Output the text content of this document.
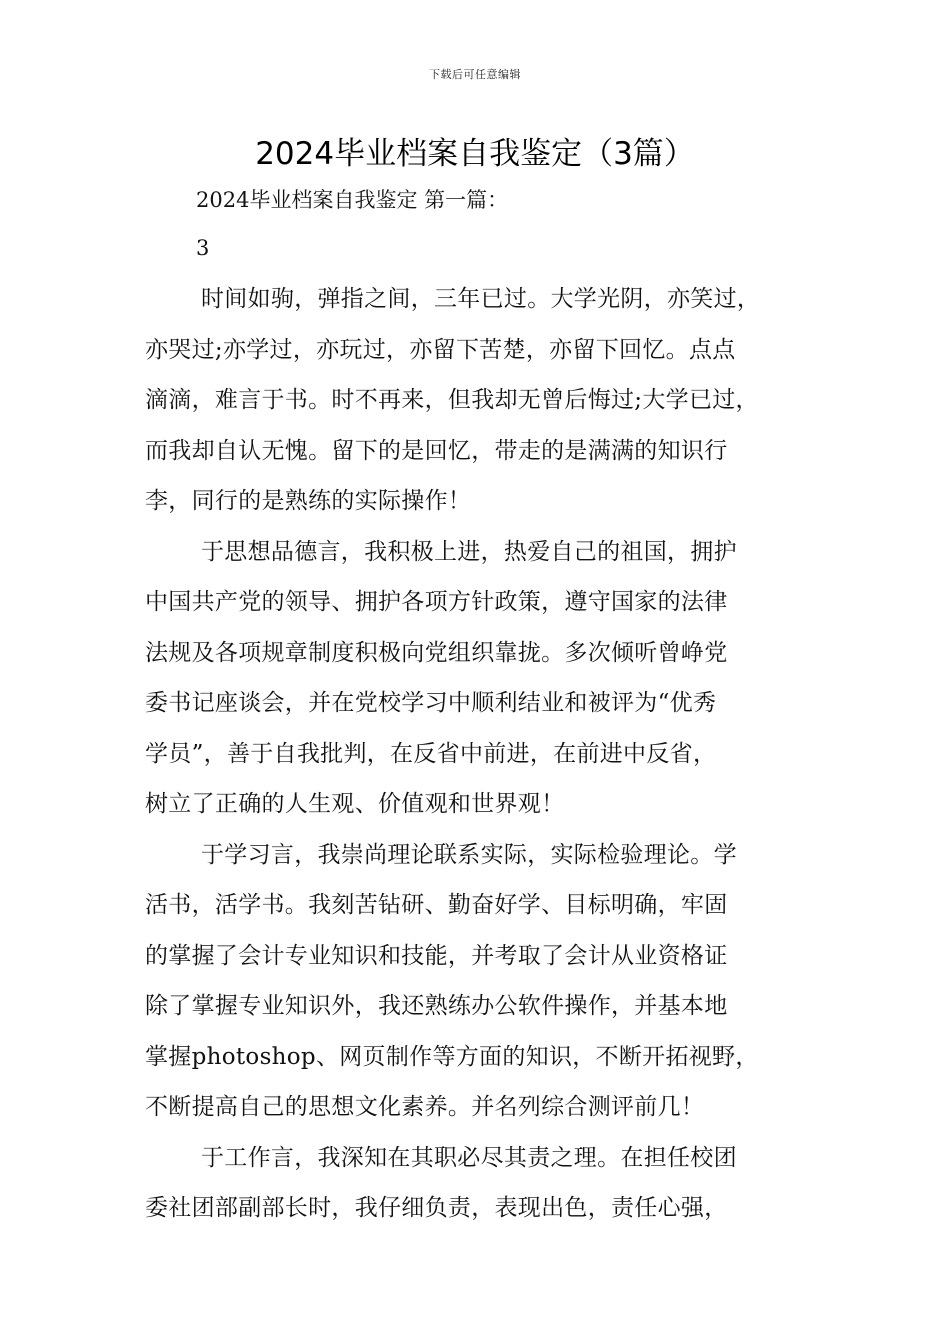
下载后可任意编辑
2024毕业档案自我鉴定（3篇）
2024毕业档案自我鉴定 第一篇：
3

时间如驹，弹指之间，三年已过。大学光阴，亦笑过，
亦哭过;亦学过，亦玩过，亦留下苦楚，亦留下回忆。点点
滴滴，难言于书。时不再来，但我却无曾后悔过;大学已过，
而我却自认无愧。留下的是回忆，带走的是满满的知识行
李，同行的是熟练的实际操作！

于思想品德言，我积极上进，热爱自己的祖国，拥护
中国共产党的领导、拥护各项方针政策，遵守国家的法律
法规及各项规章制度积极向党组织靠拢。多次倾听曾峥党
委书记座谈会，并在党校学习中顺利结业和被评为“优秀
学员”，善于自我批判，在反省中前进，在前进中反省，
树立了正确的人生观、价值观和世界观！

于学习言，我崇尚理论联系实际，实际检验理论。学
活书，活学书。我刻苦钻研、勤奋好学、目标明确，牢固
的掌握了会计专业知识和技能，并考取了会计从业资格证
除了掌握专业知识外，我还熟练办公软件操作，并基本地
掌握photoshop、网页制作等方面的知识，不断开拓视野，
不断提高自己的思想文化素养。并名列综合测评前几！

于工作言，我深知在其职必尽其责之理。在担任校团
委社团部副部长时，我仔细负责，表现出色，责任心强，
